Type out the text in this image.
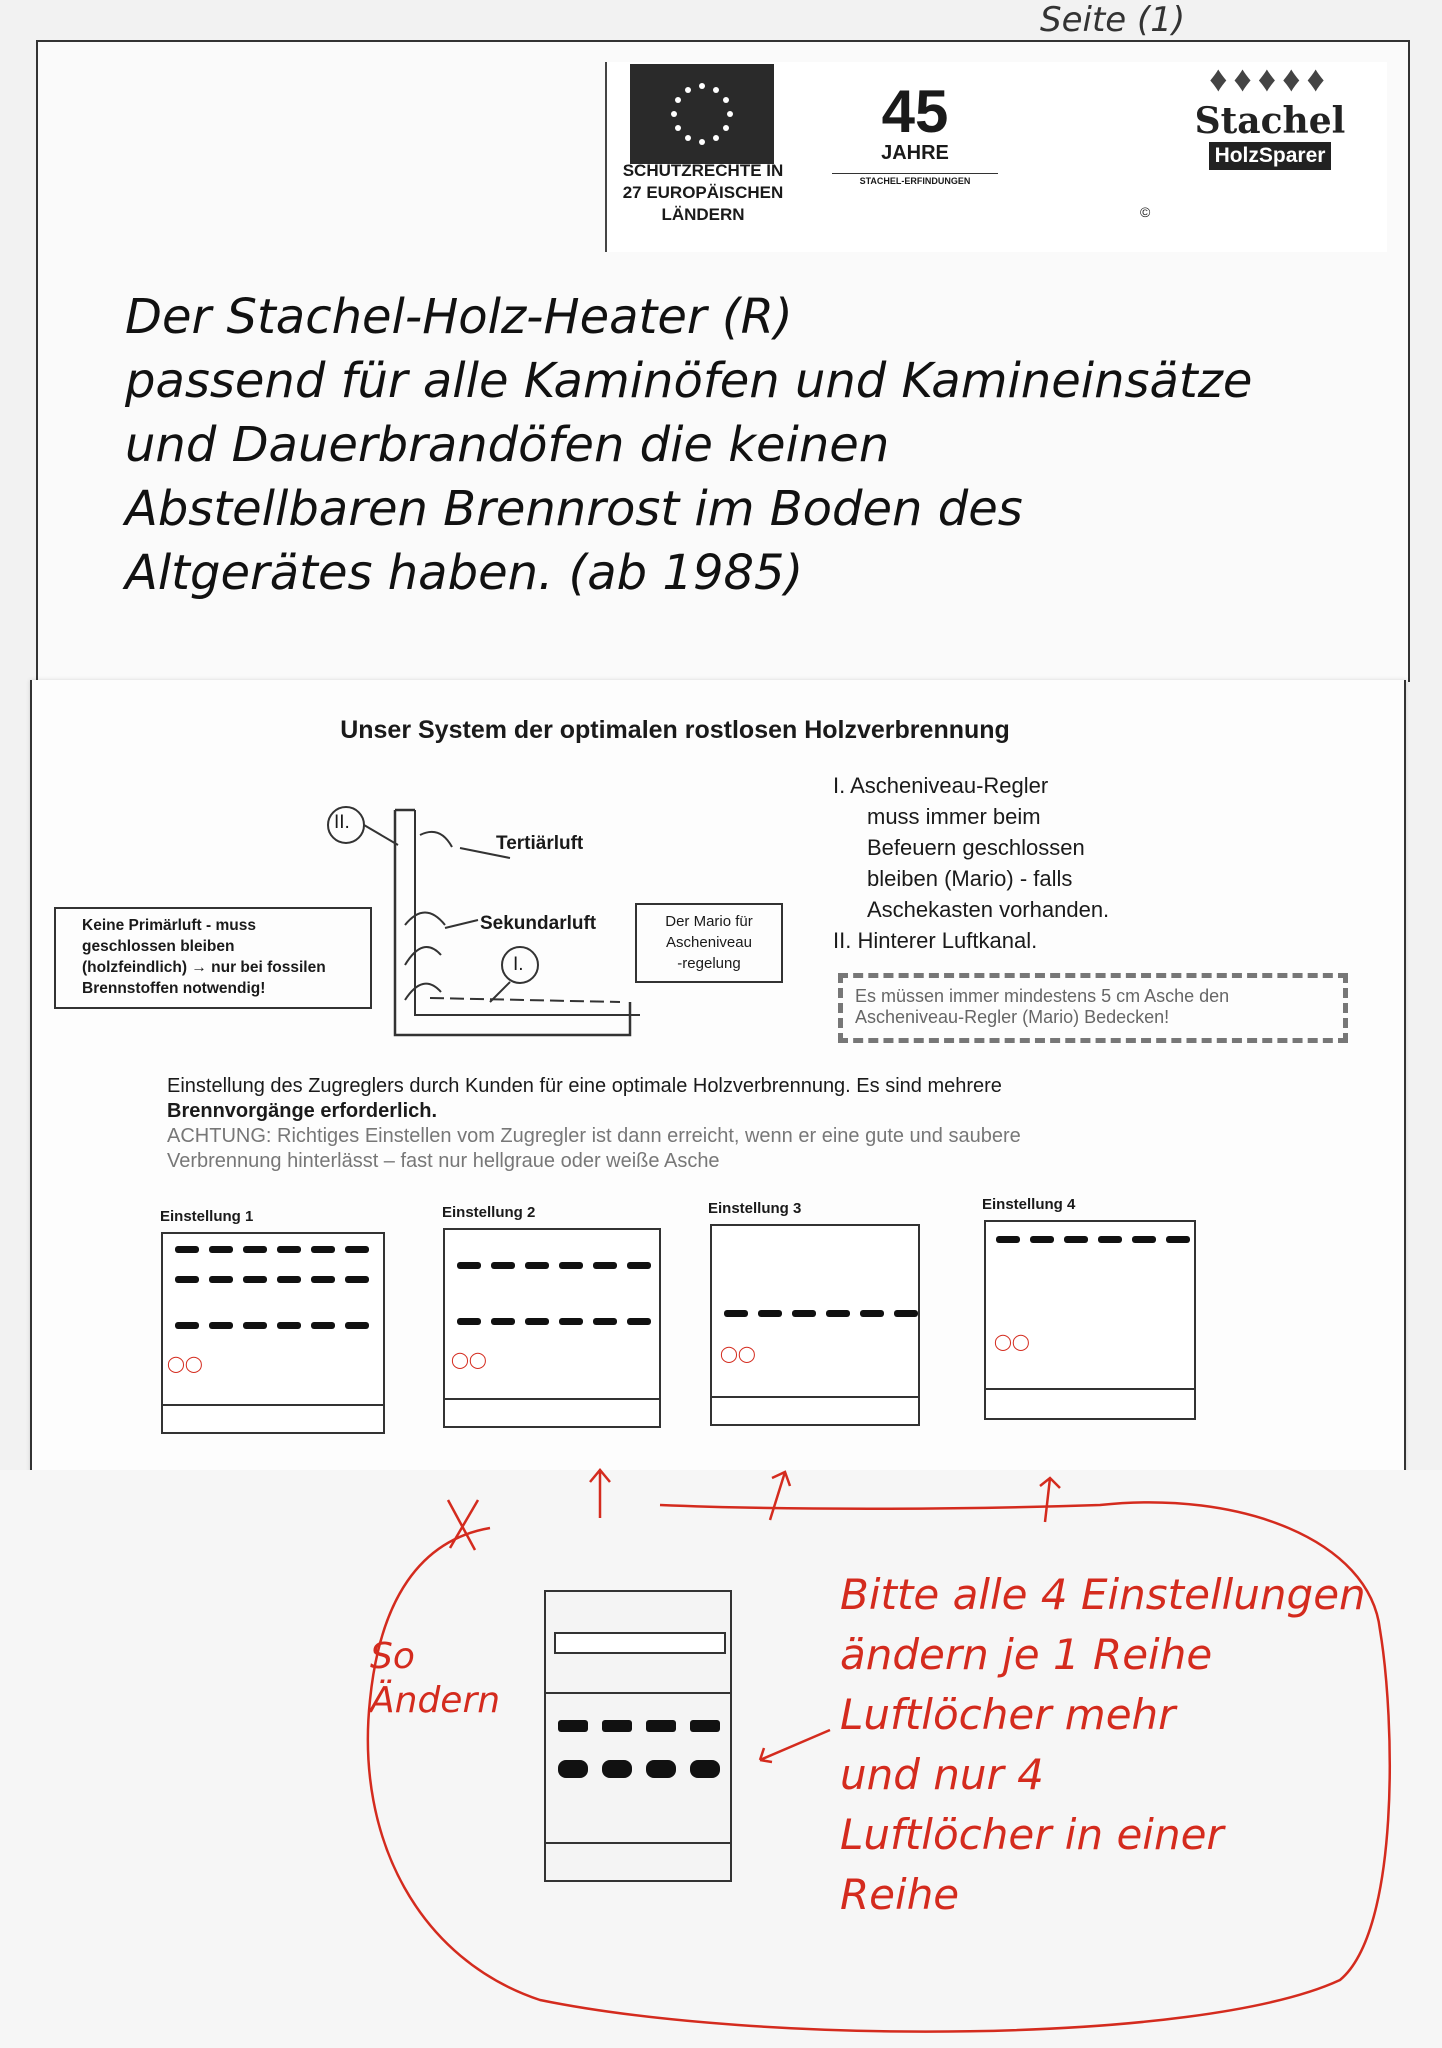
Seite (1)
SCHUTZRECHTE IN
27 EUROPÄISCHEN
LÄNDERN
45
JAHRE
STACHEL-ERFINDUNGEN
♦♦♦♦♦
Stachel
HolzSparer
©
Der Stachel-Holz-Heater (R)
passend für alle Kaminöfen und Kamineinsätze
und Dauerbrandöfen die keinen
Abstellbaren Brennrost im Boden des
Altgerätes haben. (ab 1985)
Unser System der optimalen rostlosen Holzverbrennung
II.
I.
Tertiärluft
Sekundarluft
Keine Primärluft - muss
geschlossen bleiben
(holzfeindlich) → nur bei fossilen
Brennstoffen notwendig!
Der Mario für
Ascheniveau
-regelung

I. Ascheniveau-Regler

muss immer beim

Befeuern geschlossen

bleiben (Mario) - falls

Aschekasten vorhanden.

II. Hinterer Luftkanal.

Es müssen immer mindestens 5 cm Asche den Ascheniveau-Regler (Mario) Bedecken!
Einstellung des Zugreglers durch Kunden für eine optimale Holzverbrennung. Es sind mehrere
Brennvorgänge erforderlich.
ACHTUNG: Richtiges Einstellen vom Zugregler ist dann erreicht, wenn er eine gute und saubere
Verbrennung hinterlässt – fast nur hellgraue oder weiße Asche
Einstellung 1
◯◯
Einstellung 2
◯◯
Einstellung 3
◯◯
Einstellung 4
◯◯
So
Ändern
Bitte alle 4 Einstellungen
ändern je 1 Reihe
Luftlöcher mehr
und nur 4
Luftlöcher in einer
Reihe
